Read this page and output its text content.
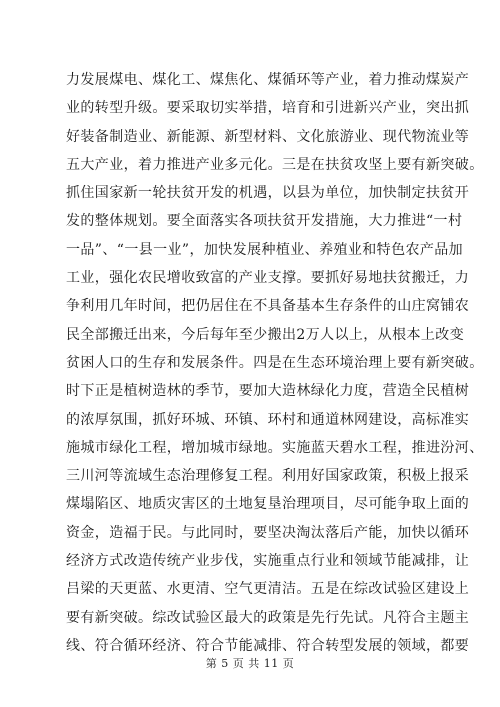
力发展煤电、煤化工、煤焦化、煤循环等产业，着力推动煤炭产
业的转型升级。要采取切实举措，培育和引进新兴产业，突出抓
好装备制造业、新能源、新型材料、文化旅游业、现代物流业等
五大产业，着力推进产业多元化。三是在扶贫攻坚上要有新突破。
抓住国家新一轮扶贫开发的机遇，以县为单位，加快制定扶贫开
发的整体规划。要全面落实各项扶贫开发措施，大力推进“一村
一品”、“一县一业”，加快发展种植业、养殖业和特色农产品加
工业，强化农民增收致富的产业支撑。要抓好易地扶贫搬迁，力
争利用几年时间，把仍居住在不具备基本生存条件的山庄窝铺农
民全部搬迁出来，今后每年至少搬出2万人以上，从根本上改变
贫困人口的生存和发展条件。四是在生态环境治理上要有新突破。
时下正是植树造林的季节，要加大造林绿化力度，营造全民植树
的浓厚氛围，抓好环城、环镇、环村和通道林网建设，高标准实
施城市绿化工程，增加城市绿地。实施蓝天碧水工程，推进汾河、
三川河等流域生态治理修复工程。利用好国家政策，积极上报采
煤塌陷区、地质灾害区的土地复垦治理项目，尽可能争取上面的
资金，造福于民。与此同时，要坚决淘汰落后产能，加快以循环
经济方式改造传统产业步伐，实施重点行业和领域节能减排，让
吕梁的天更蓝、水更清、空气更清洁。五是在综改试验区建设上
要有新突破。综改试验区最大的政策是先行先试。凡符合主题主
线、符合循环经济、符合节能减排、符合转型发展的领域，都要
第 5 页 共 11 页
